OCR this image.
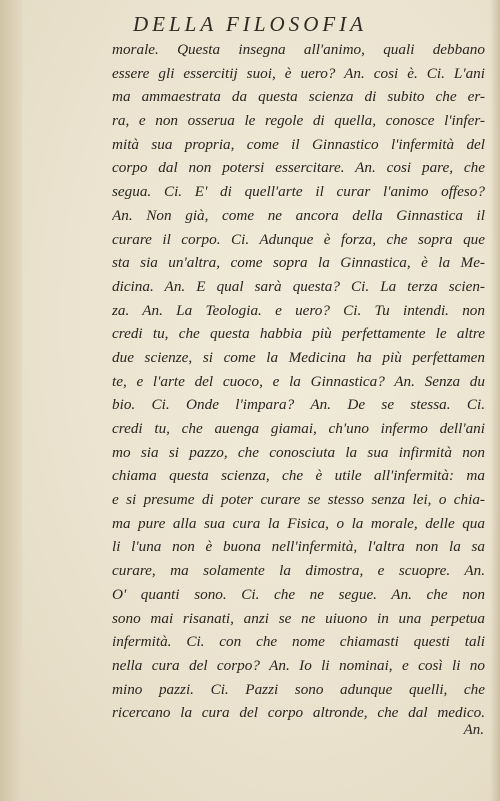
DELLA FILOSOFIA
morale. Questa insegna all'animo, quali debbano
essere gli essercitij suoi, è uero? An. cosi è. Ci. L'ani
ma ammaestrata da questa scienza di subito che er-
ra, e non osserua le regole di quella, conosce l'infer-
mità sua propria, come il Ginnastico l'infermità del
corpo dal non potersi essercitare. An. cosi pare, che
segua. Ci. E' di quell'arte il curar l'animo offeso?
An. Non già, come ne ancora della Ginnastica il
curare il corpo. Ci. Adunque è forza, che sopra que
sta sia un'altra, come sopra la Ginnastica, è la Me-
dicina. An. E qual sarà questa? Ci. La terza scien-
za. An. La Teologia. e uero? Ci. Tu intendi. non
credi tu, che questa habbia più perfettamente le altre
due scienze, si come la Medicina ha più perfettamen
te, e l'arte del cuoco, e la Ginnastica? An. Senza du
bio. Ci. Onde l'impara? An. De se stessa. Ci.
credi tu, che auenga giamai, ch'uno infermo dell'ani
mo sia si pazzo, che conosciuta la sua infirmità non
chiama questa scienza, che è utile all'infermità: ma
e si presume di poter curare se stesso senza lei, o chia-
ma pure alla sua cura la Fisica, o la morale, delle qua
li l'una non è buona nell'infermità, l'altra non la sa
curare, ma solamente la dimostra, e scuopre. An.
O' quanti sono. Ci. che ne segue. An. che non
sono mai risanati, anzi se ne uiuono in una perpetua
infermità. Ci. con che nome chiamasti questi tali
nella cura del corpo? An. Io li nominai, e così li no
mino pazzi. Ci. Pazzi sono adunque quelli, che
ricercano la cura del corpo altronde, che dal medico.
An.
